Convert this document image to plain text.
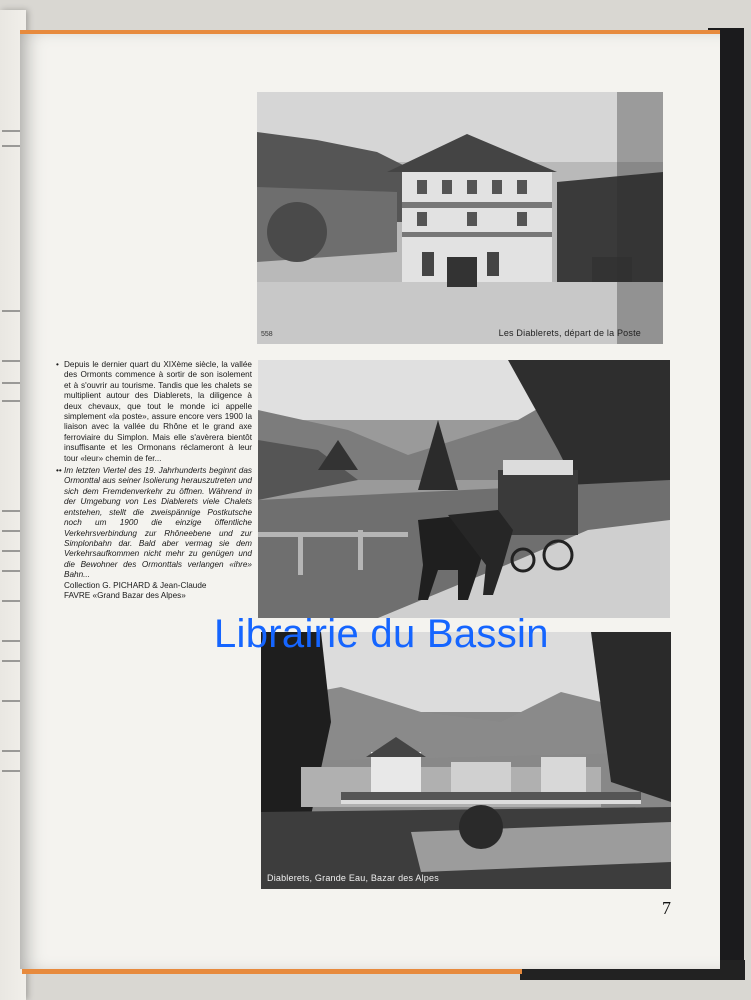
558	Les Diablerets, départ de la Poste
Diablerets, Grande Eau, Bazar des Alpes

• Depuis le dernier quart du XIXème siècle, la vallée des Ormonts commence à sortir de son isolement et à s'ouvrir au tourisme. Tandis que les chalets se multiplient autour des Diablerets, la diligence à deux chevaux, que tout le monde ici appelle simplement «la poste», assure encore vers 1900 la liaison avec la vallée du Rhône et le grand axe ferroviaire du Simplon. Mais elle s'avèrera bientôt insuffisante et les Ormonans réclameront à leur tour «leur» chemin de fer...

•• Im letzten Viertel des 19. Jahrhunderts beginnt das Ormonttal aus seiner Isolierung herauszutreten und sich dem Fremdenverkehr zu öffnen. Während in der Umgebung von Les Diablerets viele Chalets entstehen, stellt die zweispännige Postkutsche noch um 1900 die einzige öffentliche Verkehrsverbindung zur Rhôneebene und zur Simplonbahn dar. Bald aber vermag sie dem Verkehrsaufkommen nicht mehr zu genügen und die Bewohner des Ormonttals verlangen «ihre» Bahn...

Collection G. PICHARD & Jean-Claude
FAVRE «Grand Bazar des Alpes»
7
Librairie du Bassin
